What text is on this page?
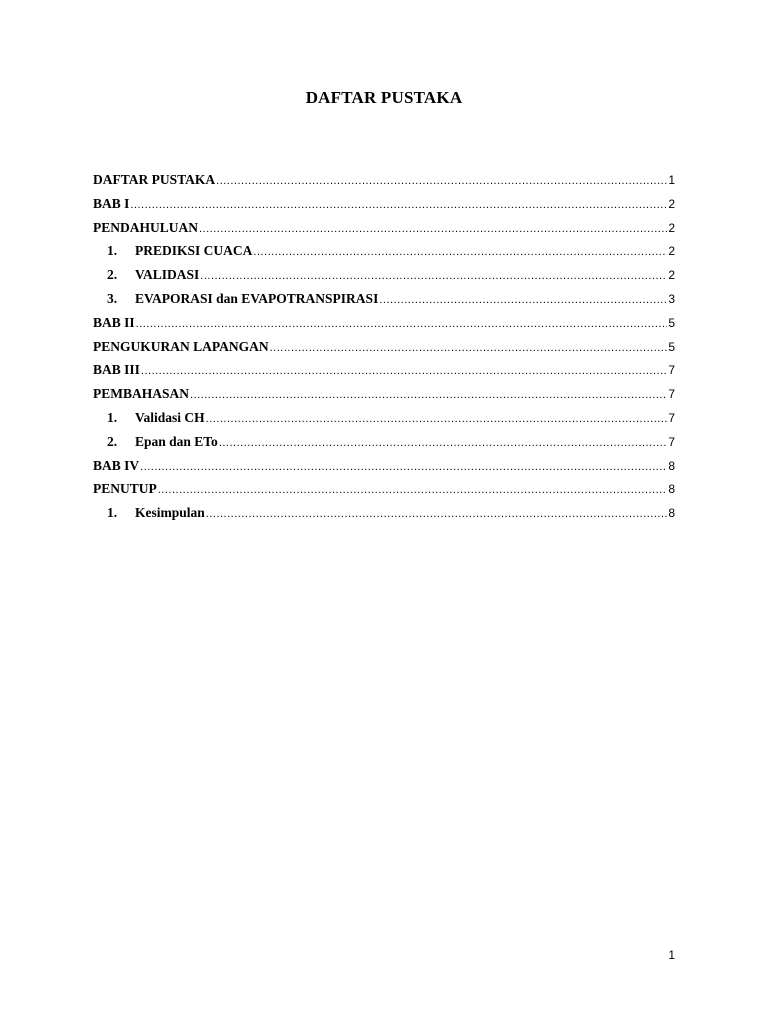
DAFTAR PUSTAKA
DAFTAR PUSTAKA .....	1
BAB I .....	2
PENDAHULUAN .....	2
1.	PREDIKSI CUACA .....	2
2.	VALIDASI .....	2
3.	EVAPORASI dan EVAPOTRANSPIRASI .....	3
BAB II .....	5
PENGUKURAN LAPANGAN .....	5
BAB III .....	7
PEMBAHASAN .....	7
1.	Validasi CH .....	7
2.	Epan dan ETo .....	7
BAB IV .....	8
PENUTUP .....	8
1.	Kesimpulan .....	8
1
